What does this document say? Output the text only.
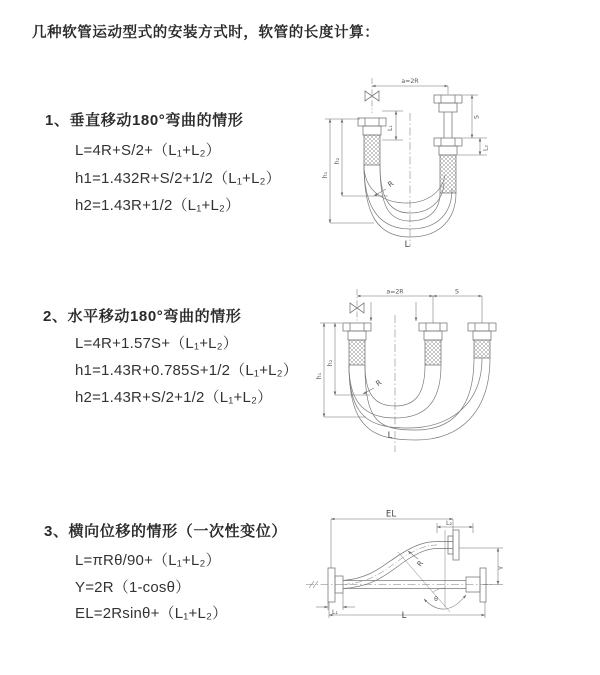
几种软管运动型式的安装方式时，软管的长度计算：
1、垂直移动180°弯曲的情形
L=4R+S/2+（L₁+L₂）
h1=1.432R+S/2+1/2（L₁+L₂）
h2=1.43R+1/2（L₁+L₂）
2、水平移动180°弯曲的情形
L=4R+1.57S+（L₁+L₂）
h1=1.43R+0.785S+1/2（L₁+L₂）
h2=1.43R+S/2+1/2（L₁+L₂）
3、横向位移的情形（一次性变位）
L=πRθ/90+（L₁+L₂）
Y=2R（1-cosθ）
EL=2Rsinθ+（L₁+L₂）
a=2R
h₁
h₂
L₁
S
L₂
R
L
a=2R	S
h₁
h₂
R
L
EL
L₂
L₁
R	Y
θ
L
